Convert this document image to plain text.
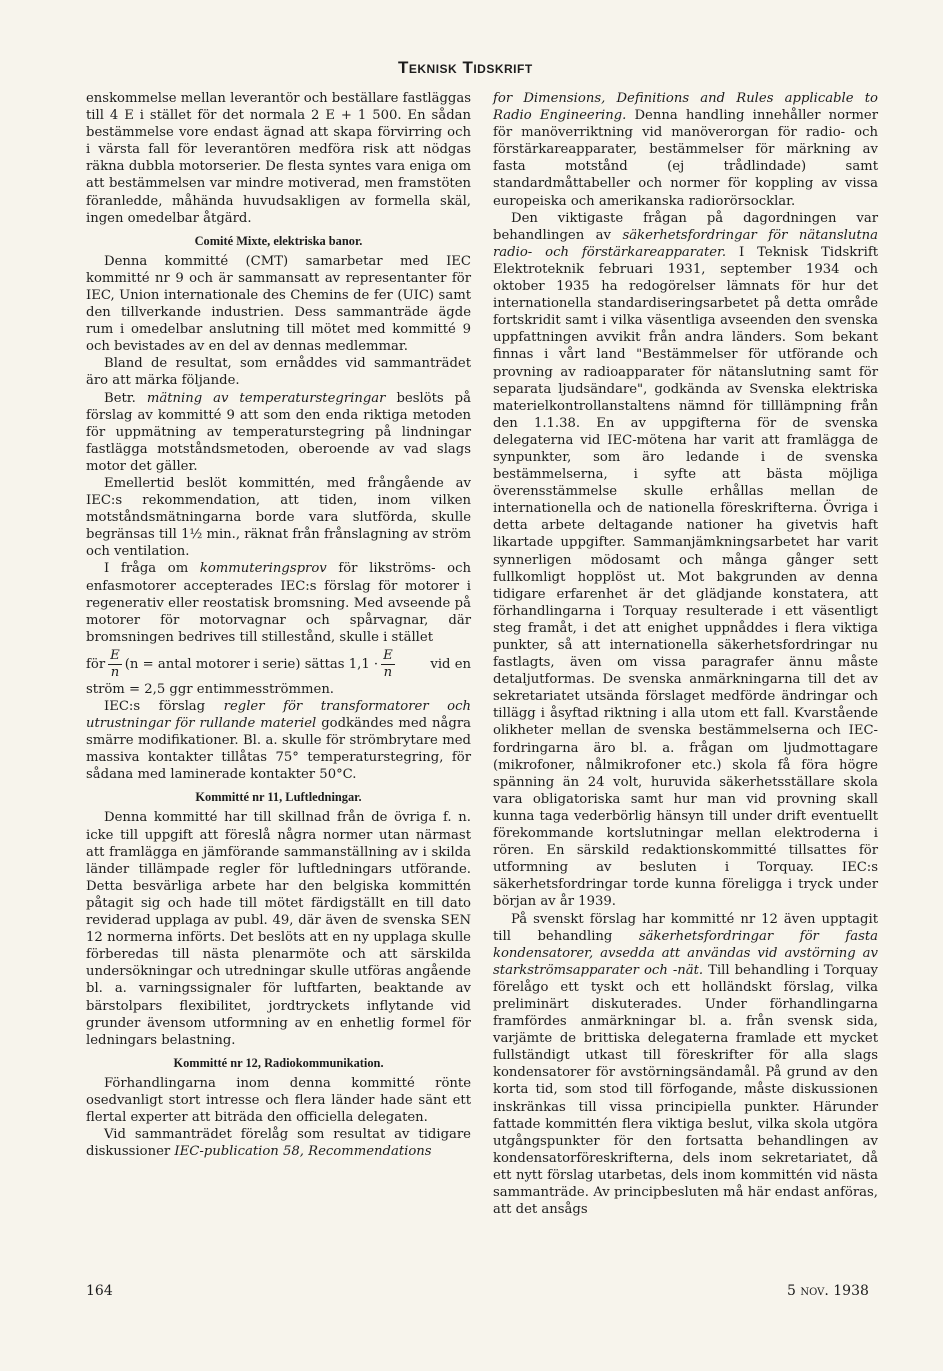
Teknisk Tidskrift

enskommelse mellan leverantör och beställare fastläggas till 4 E i stället för det normala 2 E + 1 500. En sådan bestämmelse vore endast ägnad att skapa förvirring och i värsta fall för leverantören medföra risk att nödgas räkna dubbla motorserier. De flesta syntes vara eniga om att bestämmelsen var mindre motiverad, men framstöten föranledde, måhända huvudsakligen av formella skäl, ingen omedelbar åtgärd.

Comité Mixte, elektriska banor.

Denna kommitté (CMT) samarbetar med IEC kommitté nr 9 och är sammansatt av representanter för IEC, Union internationale des Chemins de fer (UIC) samt den tillverkande industrien. Dess sammanträde ägde rum i omedelbar anslutning till mötet med kommitté 9 och bevistades av en del av dennas medlemmar.

Bland de resultat, som ernåddes vid sammanträdet äro att märka följande.

Betr. mätning av temperaturstegringar beslöts på förslag av kommitté 9 att som den enda riktiga metoden för uppmätning av temperaturstegring på lindningar fastlägga motståndsmetoden, oberoende av vad slags motor det gäller.

Emellertid beslöt kommittén, med frångående av IEC:s rekommendation, att tiden, inom vilken motståndsmätningarna borde vara slutförda, skulle begränsas till 1½ min., räknat från frånslagning av ström och ventilation.

I fråga om kommuteringsprov för likströms- och enfasmotorer accepterades IEC:s förslag för motorer i regenerativ eller reostatisk bromsning. Med avseende på motorer för motorvagnar och spårvagnar, där bromsningen bedrives till stillestånd, skulle i stället

för $\frac{E}{n} (n$ = antal motorer i serie) sättas $1,1 \cdot \frac{E}{n}$	vid en

ström = 2,5 ggr entimmesströmmen.

IEC:s förslag regler för transformatorer och utrustningar för rullande materiel godkändes med några smärre modifikationer. Bl. a. skulle för strömbrytare med massiva kontakter tillåtas 75° temperaturstegring, för sådana med laminerade kontakter 50°C.

Kommitté nr 11, Luftledningar.

Denna kommitté har till skillnad från de övriga f. n. icke till uppgift att föreslå några normer utan närmast att framlägga en jämförande sammanställning av i skilda länder tillämpade regler för luftledningars utförande. Detta besvärliga arbete har den belgiska kommittén påtagit sig och hade till mötet färdigställt en till dato reviderad upplaga av publ. 49, där även de svenska SEN 12 normerna införts. Det beslöts att en ny upplaga skulle förberedas till nästa plenarmöte och att särskilda undersökningar och utredningar skulle utföras angående bl. a. varningssignaler för luftfarten, beaktande av bärstolpars flexibilitet, jordtryckets inflytande vid grunder ävensom utformning av en enhetlig formel för ledningars belastning.

Kommitté nr 12, Radiokommunikation.

Förhandlingarna inom denna kommitté rönte osedvanligt stort intresse och flera länder hade sänt ett flertal experter att biträda den officiella delegaten.

Vid sammanträdet förelåg som resultat av tidigare diskussioner IEC-publication 58, Recommendations

for Dimensions, Definitions and Rules applicable to Radio Engineering. Denna handling innehåller normer för manöverriktning vid manöverorgan för radio- och förstärkareapparater, bestämmelser för märkning av fasta motstånd (ej trådlindade) samt standardmåttabeller och normer för koppling av vissa europeiska och amerikanska radiorörsocklar.

Den viktigaste frågan på dagordningen var behandlingen av säkerhetsfordringar för nätanslutna radio- och förstärkareapparater. I Teknisk Tidskrift Elektroteknik februari 1931, september 1934 och oktober 1935 ha redogörelser lämnats för hur det internationella standardiseringsarbetet på detta område fortskridit samt i vilka väsentliga avseenden den svenska uppfattningen avvikit från andra länders. Som bekant finnas i vårt land "Bestämmelser för utförande och provning av radioapparater för nätanslutning samt för separata ljudsändare", godkända av Svenska elektriska materielkontrollanstaltens nämnd för tilllämpning från den 1.1.38. En av uppgifterna för de svenska delegaterna vid IEC-mötena har varit att framlägga de synpunkter, som äro ledande i de svenska bestämmelserna, i syfte att bästa möjliga överensstämmelse skulle erhållas mellan de internationella och de nationella föreskrifterna. Övriga i detta arbete deltagande nationer ha givetvis haft likartade uppgifter. Sammanjämkningsarbetet har varit synnerligen mödosamt och många gånger sett fullkomligt hopplöst ut. Mot bakgrunden av denna tidigare erfarenhet är det glädjande konstatera, att förhandlingarna i Torquay resulterade i ett väsentligt steg framåt, i det att enighet uppnåddes i flera viktiga punkter, så att internationella säkerhetsfordringar nu fastlagts, även om vissa paragrafer ännu måste detaljutformas. De svenska anmärkningarna till det av sekretariatet utsända förslaget medförde ändringar och tillägg i åsyftad riktning i alla utom ett fall. Kvarstående olikheter mellan de svenska bestämmelserna och IEC-fordringarna äro bl. a. frågan om ljudmottagare (mikrofoner, nålmikrofoner etc.) skola få föra högre spänning än 24 volt, huruvida säkerhetsställare skola vara obligatoriska samt hur man vid provning skall kunna taga vederbörlig hänsyn till under drift eventuellt förekommande kortslutningar mellan elektroderna i rören. En särskild redaktionskommitté tillsattes för utformning av besluten i Torquay. IEC:s säkerhetsfordringar torde kunna föreligga i tryck under början av år 1939.

På svenskt förslag har kommitté nr 12 även upptagit till behandling säkerhetsfordringar för fasta kondensatorer, avsedda att användas vid avstörning av starkströmsapparater och -nät. Till behandling i Torquay förelågo ett tyskt och ett holländskt förslag, vilka preliminärt diskuterades. Under förhandlingarna framfördes anmärkningar bl. a. från svensk sida, varjämte de brittiska delegaterna framlade ett mycket fullständigt utkast till föreskrifter för alla slags kondensatorer för avstörningsändamål. På grund av den korta tid, som stod till förfogande, måste diskussionen inskränkas till vissa principiella punkter. Härunder fattade kommittén flera viktiga beslut, vilka skola utgöra utgångspunkter för den fortsatta behandlingen av kondensatorföreskrifterna, dels inom sekretariatet, då ett nytt förslag utarbetas, dels inom kommittén vid nästa sammanträde. Av principbesluten må här endast anföras, att det ansågs

164	5 nov. 1938
